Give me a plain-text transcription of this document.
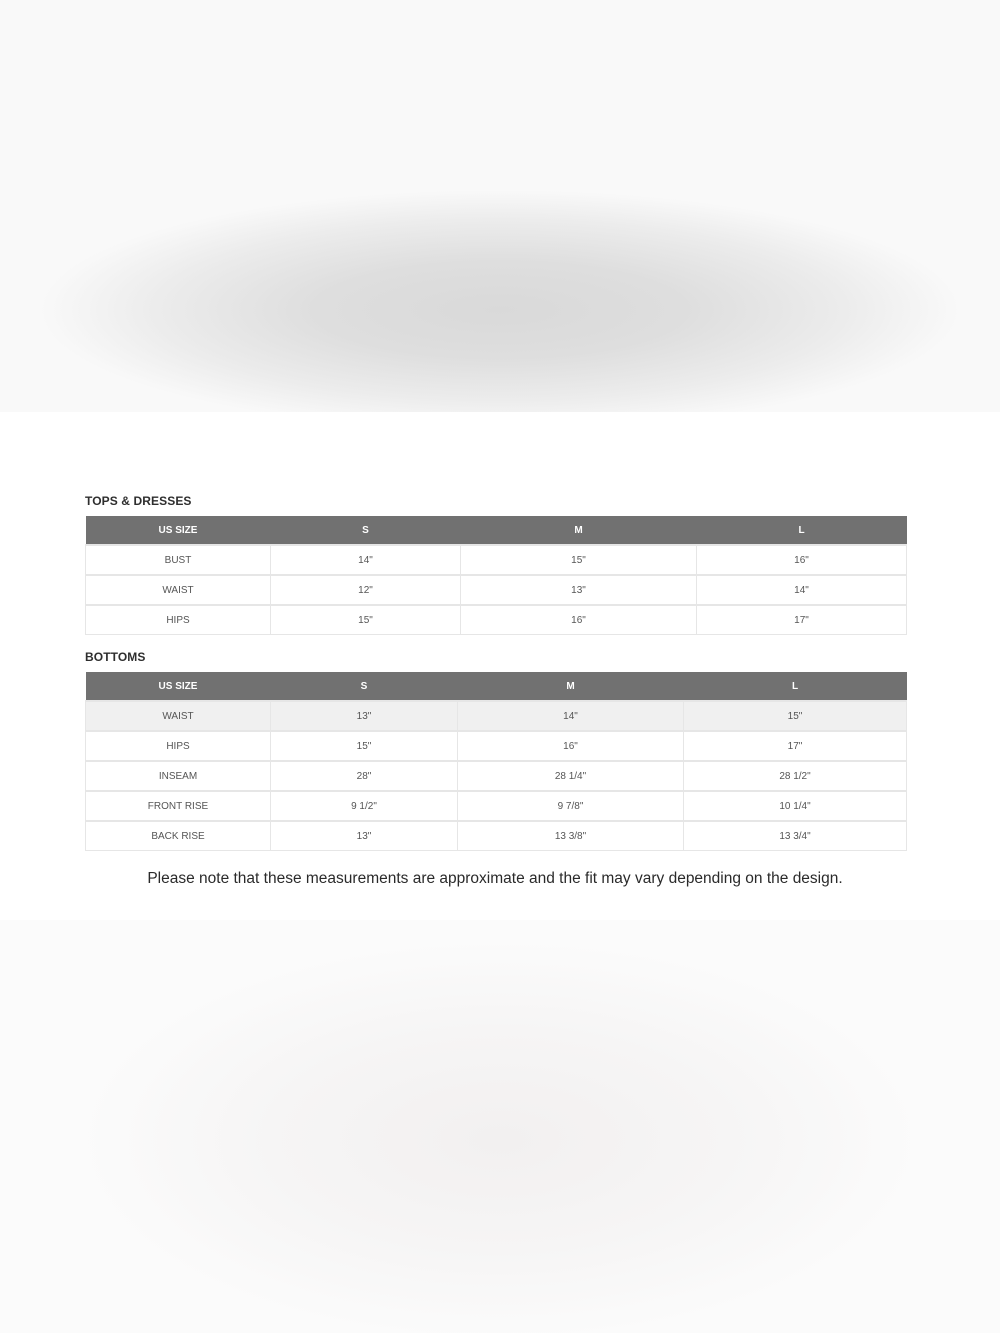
TOPS & DRESSES
US SIZE	S	M	L
BUST	14"	15"	16"
WAIST	12"	13"	14"
HIPS	15"	16"	17"
BOTTOMS
US SIZE	S	M	L
WAIST	13"	14"	15"
HIPS	15"	16"	17"
INSEAM	28"	28 1/4"	28 1/2"
FRONT RISE	9 1/2"	9 7/8"	10 1/4"
BACK RISE	13"	13 3/8"	13 3/4"
Please note that these measurements are approximate and the fit may vary depending on the design.
